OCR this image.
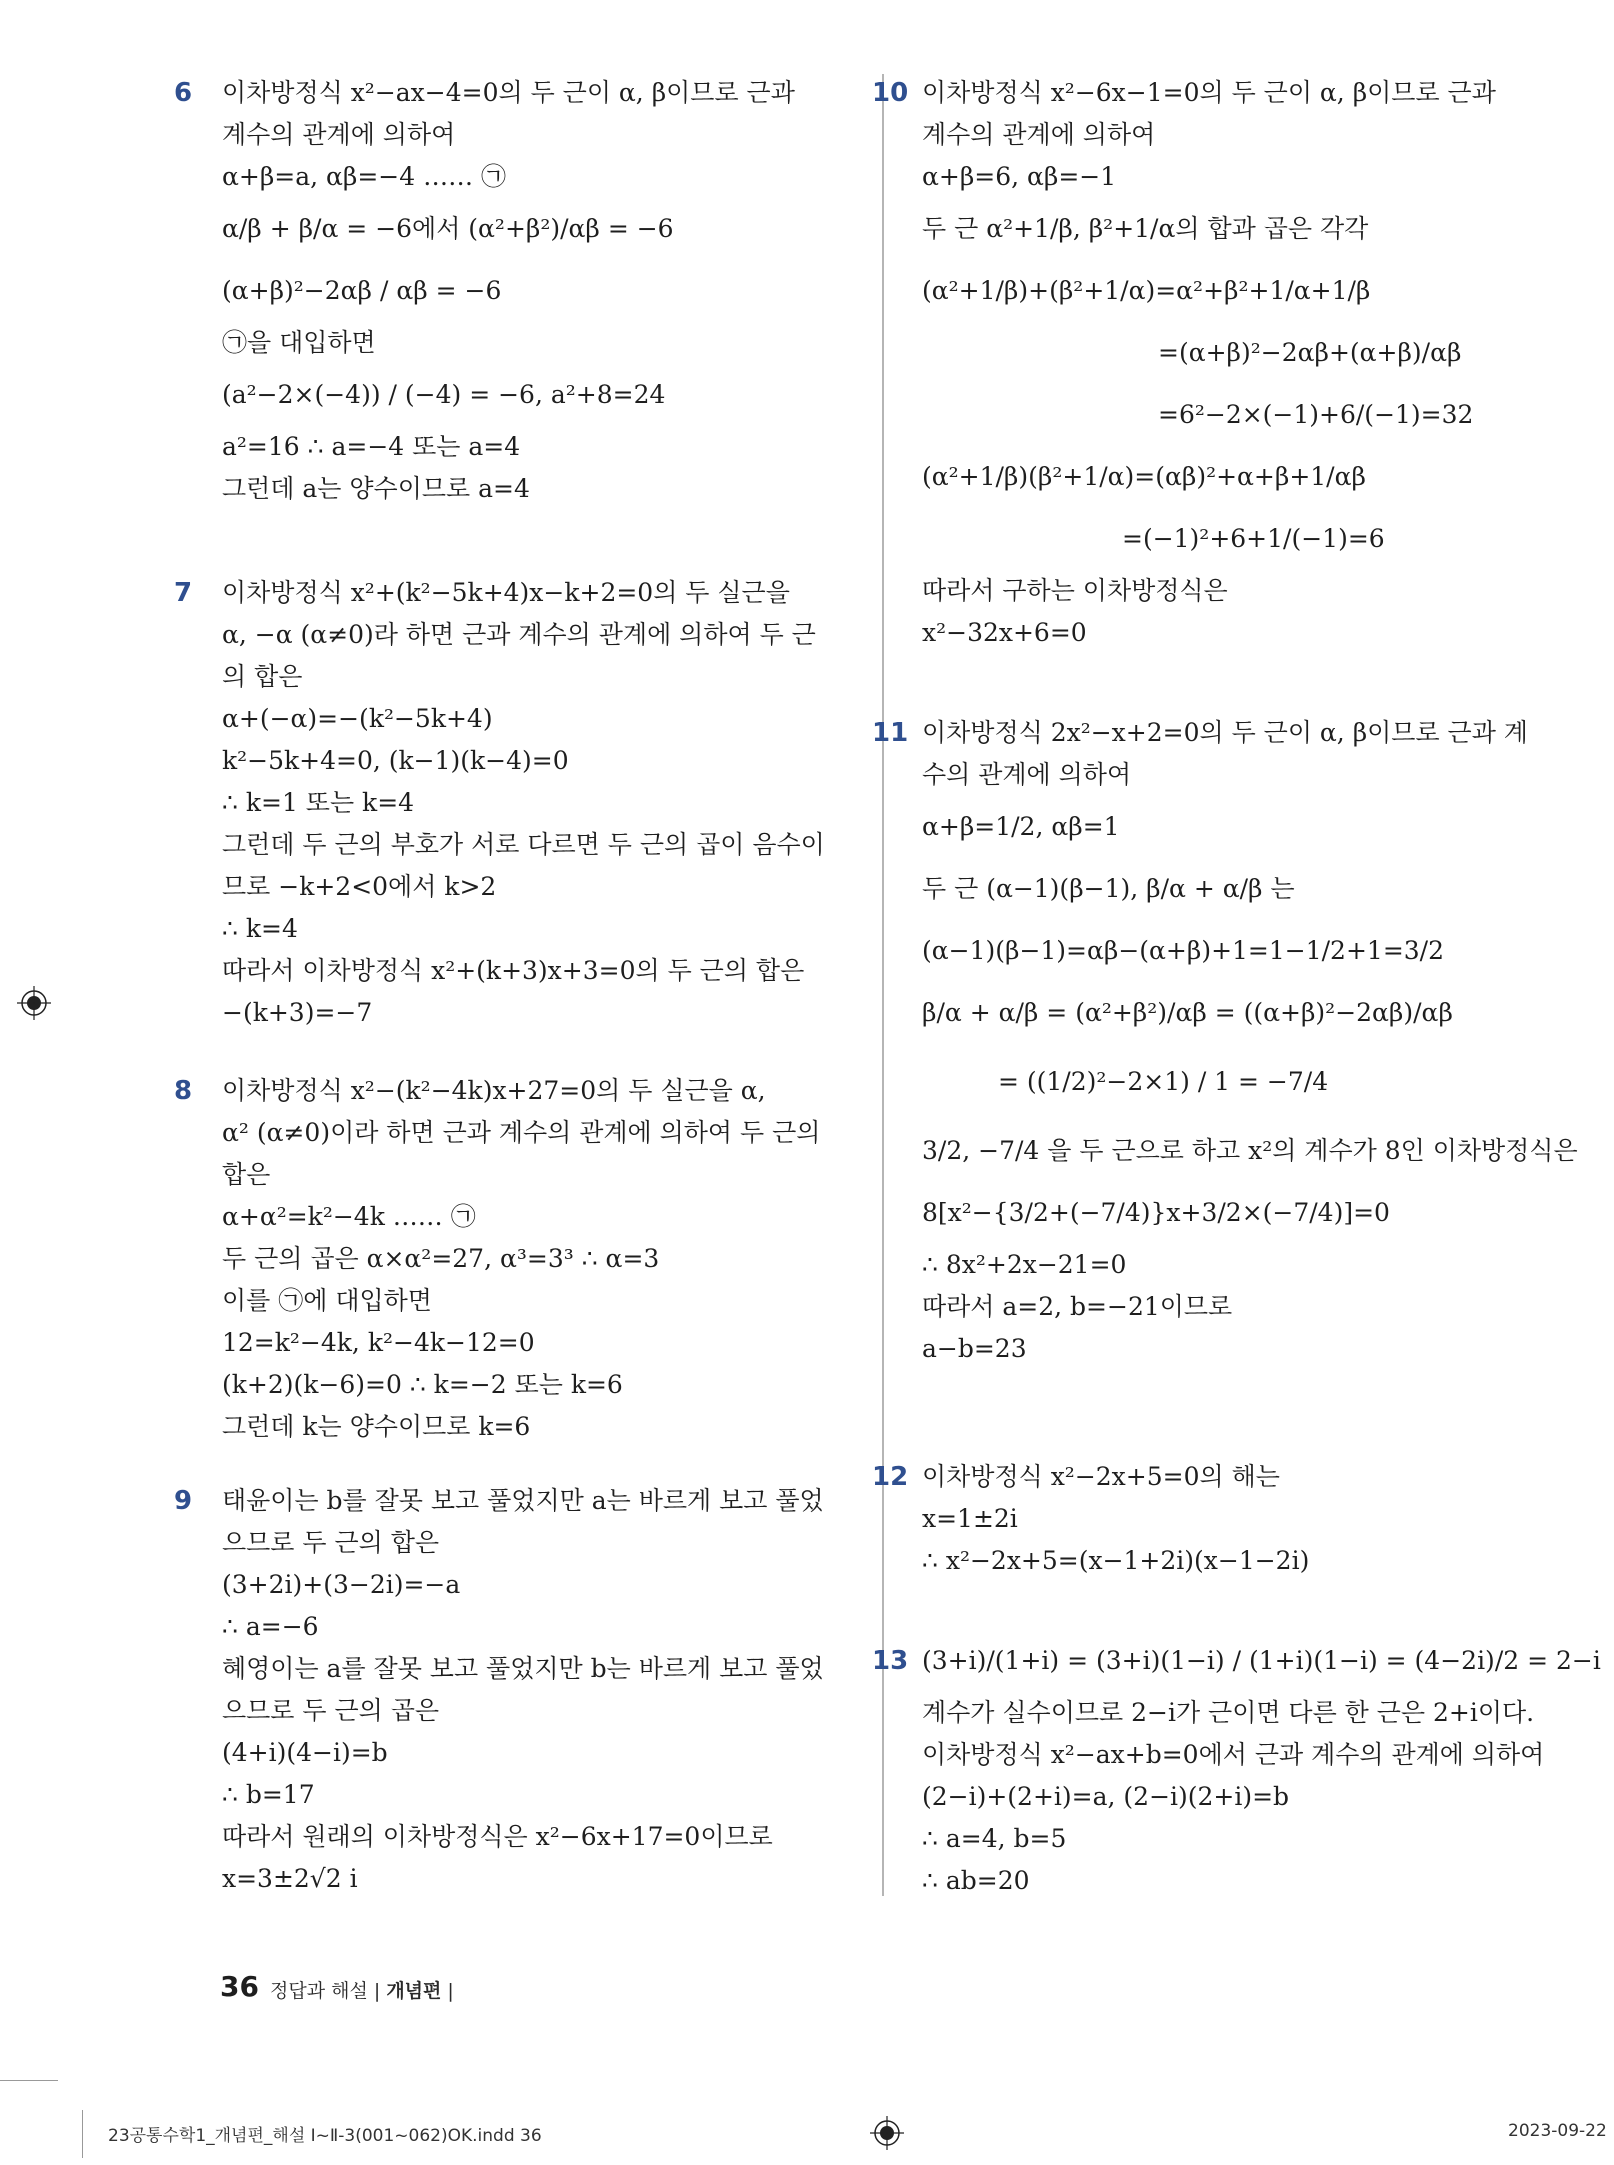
6 이차방정식 x²−ax−4=0의 두 근이 α, β이므로 근과
계수의 관계에 의하여
α+β=a, αβ=−4 …… ㉠
α/β + β/α = −6에서 (α²+β²)/αβ = −6
(α+β)²−2αβ / αβ = −6
㉠을 대입하면
(a²−2×(−4)) / (−4) = −6, a²+8=24
a²=16 ∴ a=−4 또는 a=4
그런데 a는 양수이므로 a=4
7 이차방정식 x²+(k²−5k+4)x−k+2=0의 두 실근을
α, −α (α≠0)라 하면 근과 계수의 관계에 의하여 두 근
의 합은
α+(−α)=−(k²−5k+4)
k²−5k+4=0, (k−1)(k−4)=0
∴ k=1 또는 k=4
그런데 두 근의 부호가 서로 다르면 두 근의 곱이 음수이
므로 −k+2<0에서 k>2
∴ k=4
따라서 이차방정식 x²+(k+3)x+3=0의 두 근의 합은
−(k+3)=−7
8 이차방정식 x²−(k²−4k)x+27=0의 두 실근을 α,
α² (α≠0)이라 하면 근과 계수의 관계에 의하여 두 근의
합은
α+α²=k²−4k …… ㉠
두 근의 곱은 α×α²=27, α³=3³ ∴ α=3
이를 ㉠에 대입하면
12=k²−4k, k²−4k−12=0
(k+2)(k−6)=0 ∴ k=−2 또는 k=6
그런데 k는 양수이므로 k=6
9 태윤이는 b를 잘못 보고 풀었지만 a는 바르게 보고 풀었
으므로 두 근의 합은
(3+2i)+(3−2i)=−a
∴ a=−6
혜영이는 a를 잘못 보고 풀었지만 b는 바르게 보고 풀었
으므로 두 근의 곱은
(4+i)(4−i)=b
∴ b=17
따라서 원래의 이차방정식은 x²−6x+17=0이므로
x=3±2√2 i
10 이차방정식 x²−6x−1=0의 두 근이 α, β이므로 근과
계수의 관계에 의하여
α+β=6, αβ=−1
두 근 α²+1/β, β²+1/α의 합과 곱은 각각
(α²+1/β)+(β²+1/α)=α²+β²+1/α+1/β
=(α+β)²−2αβ+(α+β)/αβ
=6²−2×(−1)+6/(−1)=32
(α²+1/β)(β²+1/α)=(αβ)²+α+β+1/αβ
=(−1)²+6+1/(−1)=6
따라서 구하는 이차방정식은
x²−32x+6=0
11 이차방정식 2x²−x+2=0의 두 근이 α, β이므로 근과 계
수의 관계에 의하여
α+β=1/2, αβ=1
두 근 (α−1)(β−1), β/α + α/β 는
(α−1)(β−1)=αβ−(α+β)+1=1−1/2+1=3/2
β/α + α/β = (α²+β²)/αβ = ((α+β)²−2αβ)/αβ
= ((1/2)²−2×1) / 1 = −7/4
3/2, −7/4 을 두 근으로 하고 x²의 계수가 8인 이차방정식은
8[x²−{3/2+(−7/4)}x+3/2×(−7/4)]=0
∴ 8x²+2x−21=0
따라서 a=2, b=−21이므로
a−b=23
12 이차방정식 x²−2x+5=0의 해는
x=1±2i
∴ x²−2x+5=(x−1+2i)(x−1−2i)
13 (3+i)/(1+i) = (3+i)(1−i) / (1+i)(1−i) = (4−2i)/2 = 2−i
계수가 실수이므로 2−i가 근이면 다른 한 근은 2+i이다.
이차방정식 x²−ax+b=0에서 근과 계수의 관계에 의하여
(2−i)+(2+i)=a, (2−i)(2+i)=b
∴ a=4, b=5
∴ ab=20
36 정답과 해설 | 개념편 |
23공통수학1_개념편_해설 Ⅰ~Ⅱ-3(001~062)OK.indd 36	2023-09-22
